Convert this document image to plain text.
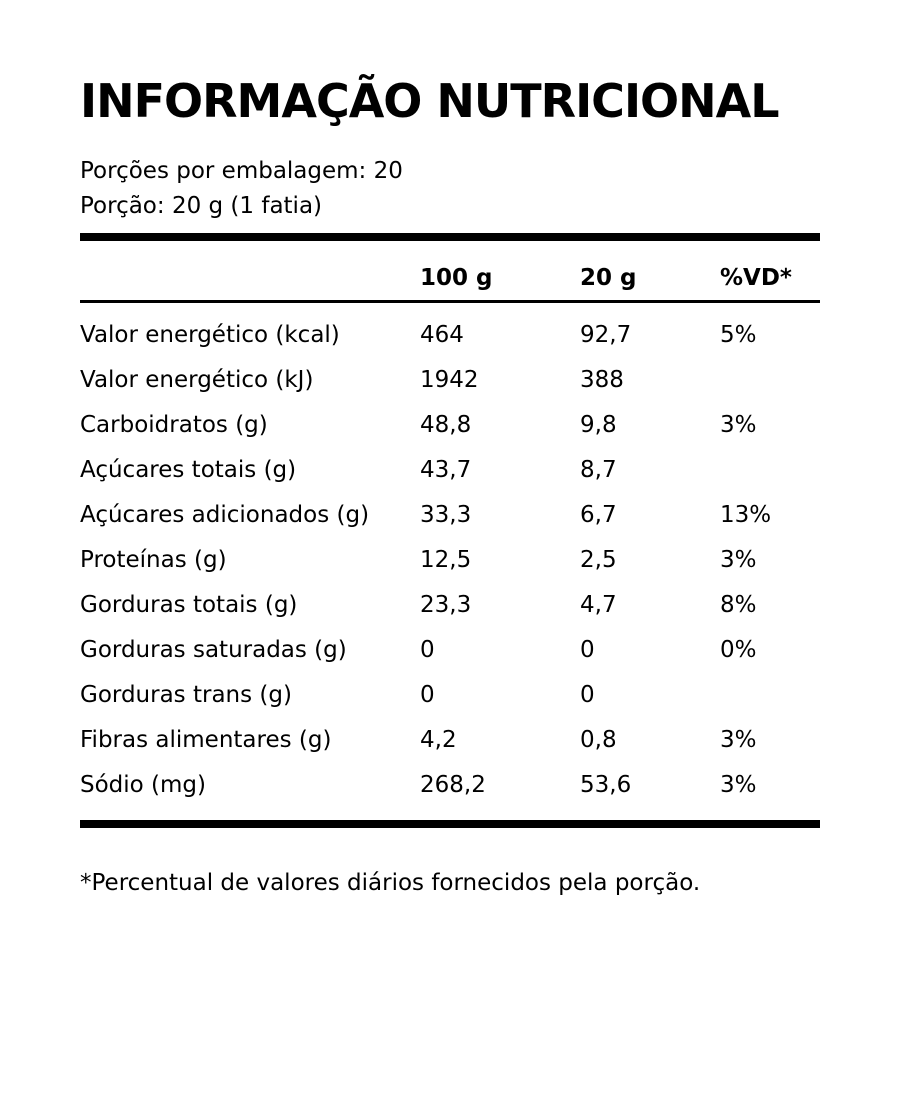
INFORMAÇÃO NUTRICIONAL

Porções por embalagem: 20

Porção: 20 g (1 fatia)

	100 g	20 g	%VD*
Valor energético (kcal)	464	92,7	5%
Valor energético (kJ)	1942	388	
Carboidratos (g)	48,8	9,8	3%
Açúcares totais (g)	43,7	8,7	
Açúcares adicionados (g)	33,3	6,7	13%
Proteínas (g)	12,5	2,5	3%
Gorduras totais (g)	23,3	4,7	8%
Gorduras saturadas (g)	0	0	0%
Gorduras trans (g)	0	0	
Fibras alimentares (g)	4,2	0,8	3%
Sódio (mg)	268,2	53,6	3%

*Percentual de valores diários fornecidos pela porção.
